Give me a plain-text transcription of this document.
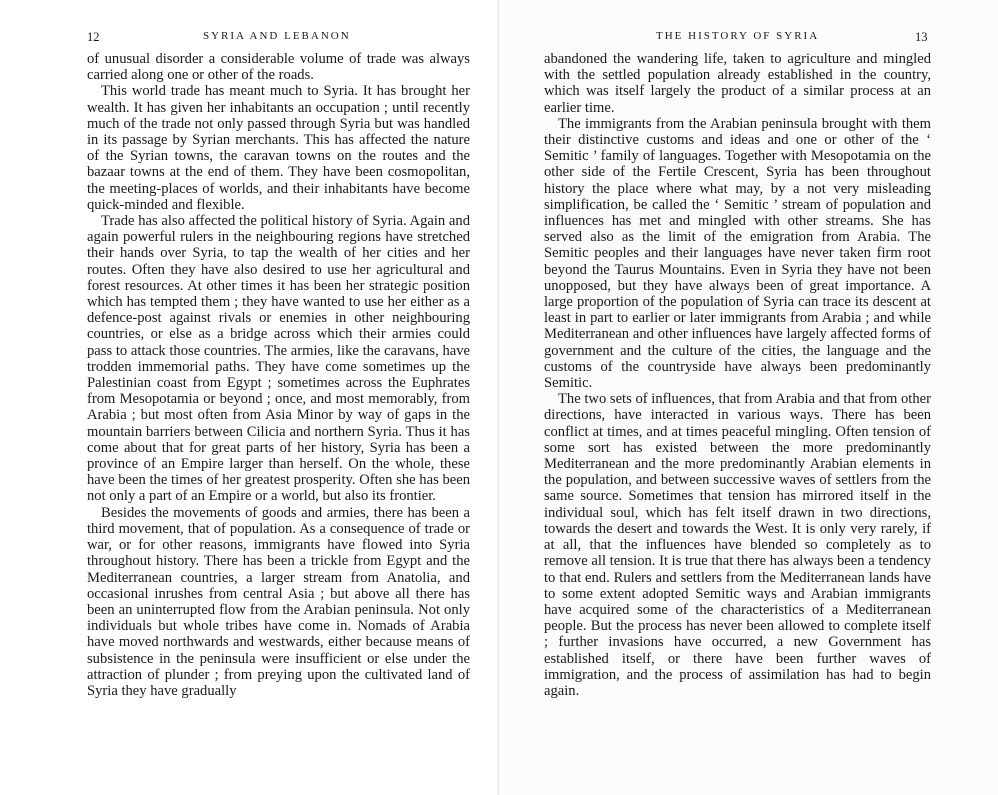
12	SYRIA AND LEBANON

of unusual disorder a considerable volume of trade was always carried along one or other of the roads.

This world trade has meant much to Syria. It has brought her wealth. It has given her inhabitants an occupation ; until recently much of the trade not only passed through Syria but was handled in its passage by Syrian merchants. This has affected the nature of the Syrian towns, the caravan towns on the routes and the bazaar towns at the end of them. They have been cosmopolitan, the meeting-places of worlds, and their inhabitants have become quick-minded and flexible.

Trade has also affected the political history of Syria. Again and again powerful rulers in the neighbouring regions have stretched their hands over Syria, to tap the wealth of her cities and her routes. Often they have also desired to use her agricultural and forest resources. At other times it has been her strategic position which has tempted them ; they have wanted to use her either as a defence-post against rivals or enemies in other neighbouring countries, or else as a bridge across which their armies could pass to attack those countries. The armies, like the caravans, have trodden immemorial paths. They have come sometimes up the Palestinian coast from Egypt ; sometimes across the Euphrates from Mesopotamia or beyond ; once, and most memorably, from Arabia ; but most often from Asia Minor by way of gaps in the mountain barriers between Cilicia and northern Syria. Thus it has come about that for great parts of her history, Syria has been a province of an Empire larger than herself. On the whole, these have been the times of her greatest prosperity. Often she has been not only a part of an Empire or a world, but also its frontier.

Besides the movements of goods and armies, there has been a third movement, that of population. As a consequence of trade or war, or for other reasons, immigrants have flowed into Syria throughout history. There has been a trickle from Egypt and the Mediterranean countries, a larger stream from Anatolia, and occasional inrushes from central Asia ; but above all there has been an uninterrupted flow from the Arabian peninsula. Not only individuals but whole tribes have come in. Nomads of Arabia have moved northwards and westwards, either because means of subsistence in the peninsula were insufficient or else under the attraction of plunder ; from preying upon the cultivated land of Syria they have gradually

THE HISTORY OF SYRIA	13

abandoned the wandering life, taken to agriculture and mingled with the settled population already established in the country, which was itself largely the product of a similar process at an earlier time.

The immigrants from the Arabian peninsula brought with them their distinctive customs and ideas and one or other of the ‘ Semitic ’ family of languages. Together with Mesopotamia on the other side of the Fertile Crescent, Syria has been throughout history the place where what may, by a not very misleading simplification, be called the ‘ Semitic ’ stream of population and influences has met and mingled with other streams. She has served also as the limit of the emigration from Arabia. The Semitic peoples and their languages have never taken firm root beyond the Taurus Mountains. Even in Syria they have not been unopposed, but they have always been of great importance. A large proportion of the population of Syria can trace its descent at least in part to earlier or later immigrants from Arabia ; and while Mediterranean and other influences have largely affected forms of government and the culture of the cities, the language and the customs of the countryside have always been predominantly Semitic.

The two sets of influences, that from Arabia and that from other directions, have interacted in various ways. There has been conflict at times, and at times peaceful mingling. Often tension of some sort has existed between the more predominantly Mediterranean and the more predominantly Arabian elements in the population, and between successive waves of settlers from the same source. Sometimes that tension has mirrored itself in the individual soul, which has felt itself drawn in two directions, towards the desert and towards the West. It is only very rarely, if at all, that the influences have blended so completely as to remove all tension. It is true that there has always been a tendency to that end. Rulers and settlers from the Mediterranean lands have to some extent adopted Semitic ways and Arabian immigrants have acquired some of the characteristics of a Mediterranean people. But the process has never been allowed to complete itself ; further invasions have occurred, a new Government has established itself, or there have been further waves of immigration, and the process of assimilation has had to begin again.
